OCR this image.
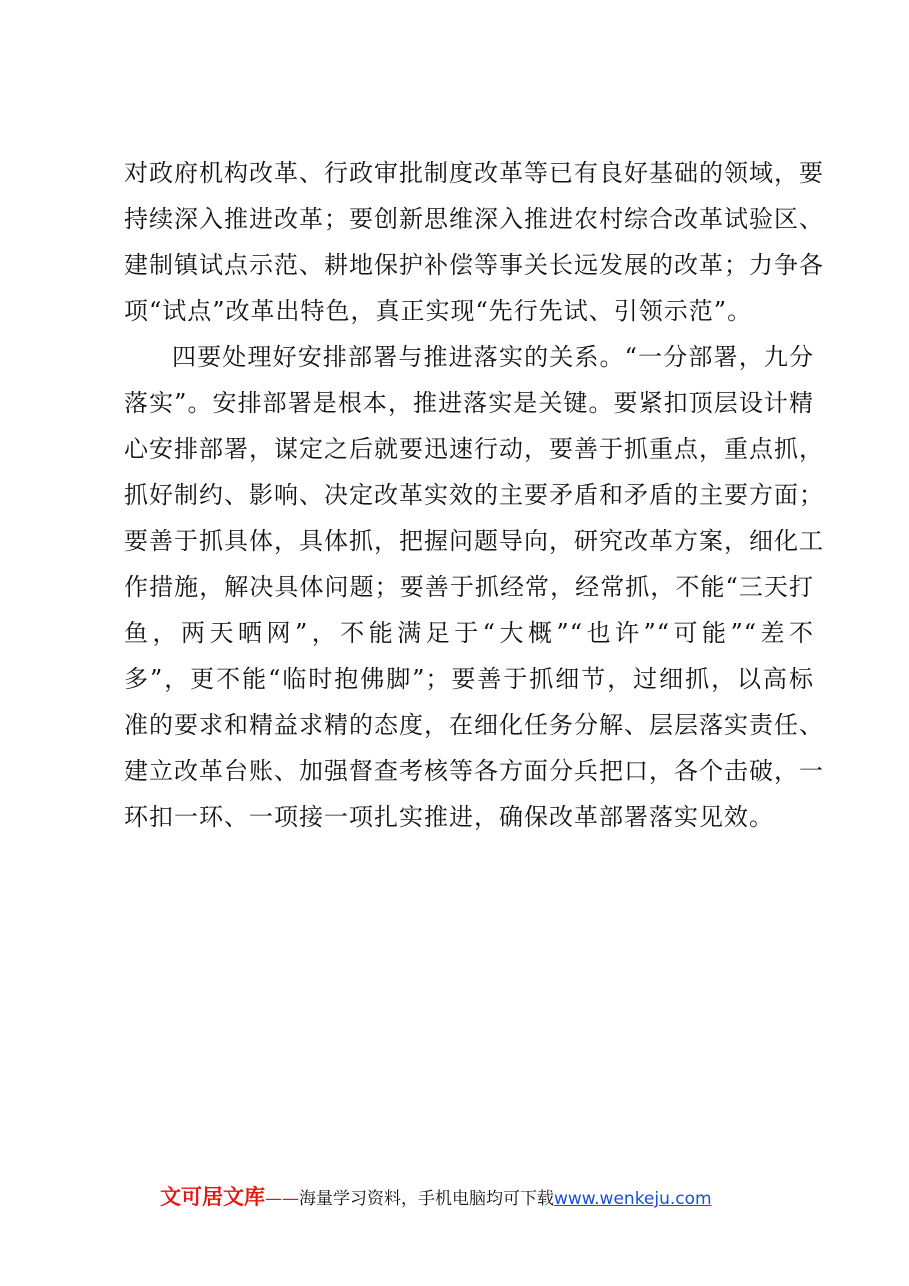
对政府机构改革、行政审批制度改革等已有良好基础的领域，要
持续深入推进改革；要创新思维深入推进农村综合改革试验区、
建制镇试点示范、耕地保护补偿等事关长远发展的改革；力争各
项“试点”改革出特色，真正实现“先行先试、引领示范”。
四要处理好安排部署与推进落实的关系。“一分部署，九分
落实”。安排部署是根本，推进落实是关键。要紧扣顶层设计精
心安排部署，谋定之后就要迅速行动，要善于抓重点，重点抓，
抓好制约、影响、决定改革实效的主要矛盾和矛盾的主要方面；
要善于抓具体，具体抓，把握问题导向，研究改革方案，细化工
作措施，解决具体问题；要善于抓经常，经常抓，不能“三天打
鱼，两天晒网”，不能满足于“大概”“也许”“可能”“差不
多”，更不能“临时抱佛脚”；要善于抓细节，过细抓，以高标
准的要求和精益求精的态度，在细化任务分解、层层落实责任、
建立改革台账、加强督查考核等各方面分兵把口，各个击破，一
环扣一环、一项接一项扎实推进，确保改革部署落实见效。
文可居文库——海量学习资料，手机电脑均可下载www.wenkeju.com
